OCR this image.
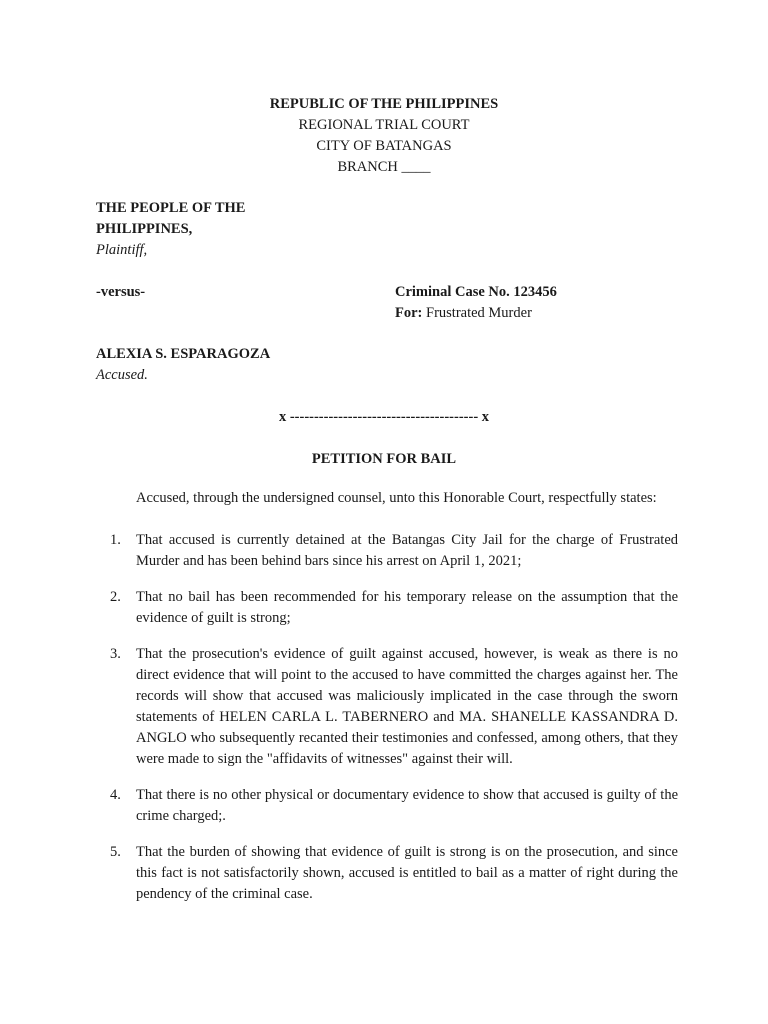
REPUBLIC OF THE PHILIPPINES
REGIONAL TRIAL COURT
CITY OF BATANGAS
BRANCH ____
THE PEOPLE OF THE
PHILIPPINES,
Plaintiff,
-versus-	Criminal Case No. 123456
For: Frustrated Murder
ALEXIA S. ESPARAGOZA
Accused.
x --------------------------------------- x
PETITION FOR BAIL
Accused, through the undersigned counsel, unto this Honorable Court, respectfully states:
1. That accused is currently detained at the Batangas City Jail for the charge of Frustrated Murder and has been behind bars since his arrest on April 1, 2021;
2. That no bail has been recommended for his temporary release on the assumption that the evidence of guilt is strong;
3. That the prosecution's evidence of guilt against accused, however, is weak as there is no direct evidence that will point to the accused to have committed the charges against her. The records will show that accused was maliciously implicated in the case through the sworn statements of HELEN CARLA L. TABERNERO and MA. SHANELLE KASSANDRA D. ANGLO who subsequently recanted their testimonies and confessed, among others, that they were made to sign the "affidavits of witnesses" against their will.
4. That there is no other physical or documentary evidence to show that accused is guilty of the crime charged;.
5. That the burden of showing that evidence of guilt is strong is on the prosecution, and since this fact is not satisfactorily shown, accused is entitled to bail as a matter of right during the pendency of the criminal case.
